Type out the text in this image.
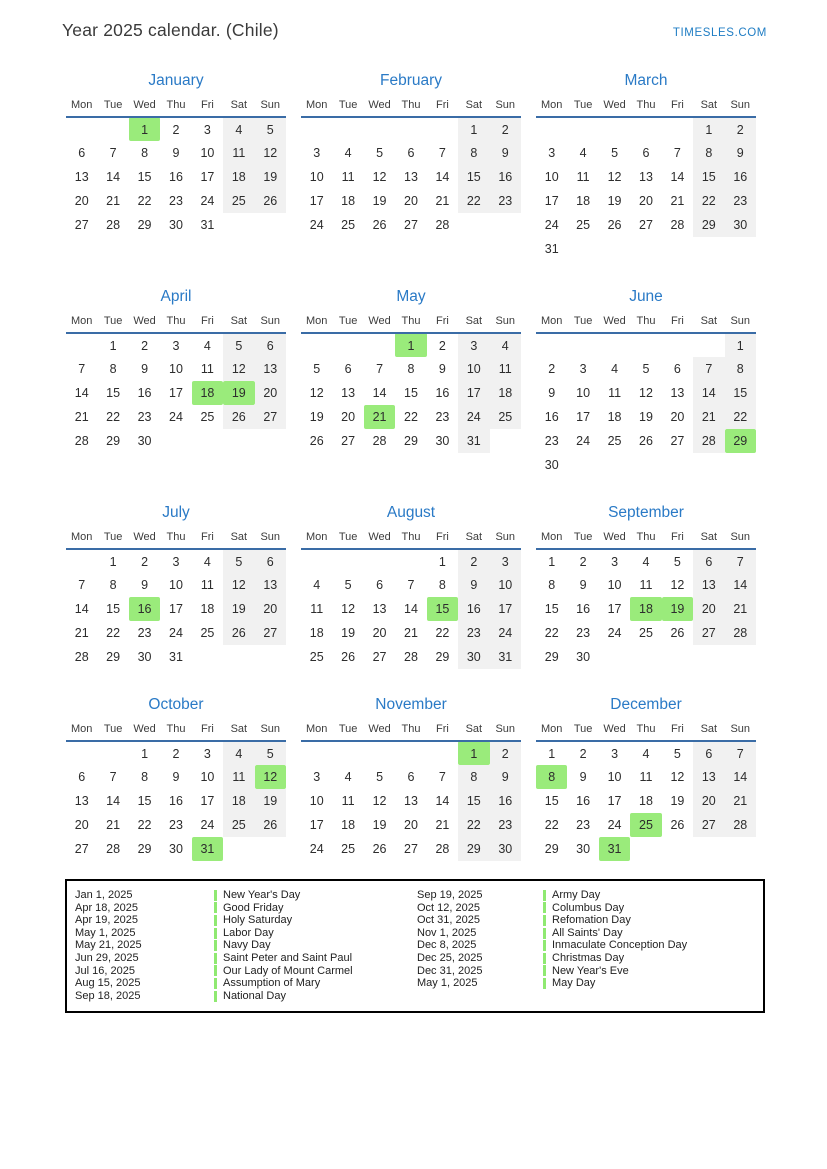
Year 2025 calendar. (Chile)	TIMESLES.COM
January
Mon	Tue	Wed	Thu	Fri	Sat	Sun
		1	2	3	4	5
6	7	8	9	10	11	12
13	14	15	16	17	18	19
20	21	22	23	24	25	26
27	28	29	30	31		
February
Mon	Tue	Wed	Thu	Fri	Sat	Sun
					1	2
3	4	5	6	7	8	9
10	11	12	13	14	15	16
17	18	19	20	21	22	23
24	25	26	27	28		
March
Mon	Tue	Wed	Thu	Fri	Sat	Sun
					1	2
3	4	5	6	7	8	9
10	11	12	13	14	15	16
17	18	19	20	21	22	23
24	25	26	27	28	29	30
31						
April
Mon	Tue	Wed	Thu	Fri	Sat	Sun
	1	2	3	4	5	6
7	8	9	10	11	12	13
14	15	16	17	18	19	20
21	22	23	24	25	26	27
28	29	30				
May
Mon	Tue	Wed	Thu	Fri	Sat	Sun
			1	2	3	4
5	6	7	8	9	10	11
12	13	14	15	16	17	18
19	20	21	22	23	24	25
26	27	28	29	30	31	
June
Mon	Tue	Wed	Thu	Fri	Sat	Sun
						1
2	3	4	5	6	7	8
9	10	11	12	13	14	15
16	17	18	19	20	21	22
23	24	25	26	27	28	29
30						
July
Mon	Tue	Wed	Thu	Fri	Sat	Sun
	1	2	3	4	5	6
7	8	9	10	11	12	13
14	15	16	17	18	19	20
21	22	23	24	25	26	27
28	29	30	31			
August
Mon	Tue	Wed	Thu	Fri	Sat	Sun
				1	2	3
4	5	6	7	8	9	10
11	12	13	14	15	16	17
18	19	20	21	22	23	24
25	26	27	28	29	30	31
September
Mon	Tue	Wed	Thu	Fri	Sat	Sun
1	2	3	4	5	6	7
8	9	10	11	12	13	14
15	16	17	18	19	20	21
22	23	24	25	26	27	28
29	30					
October
Mon	Tue	Wed	Thu	Fri	Sat	Sun
		1	2	3	4	5
6	7	8	9	10	11	12
13	14	15	16	17	18	19
20	21	22	23	24	25	26
27	28	29	30	31		
November
Mon	Tue	Wed	Thu	Fri	Sat	Sun
					1	2
3	4	5	6	7	8	9
10	11	12	13	14	15	16
17	18	19	20	21	22	23
24	25	26	27	28	29	30
December
Mon	Tue	Wed	Thu	Fri	Sat	Sun
1	2	3	4	5	6	7
8	9	10	11	12	13	14
15	16	17	18	19	20	21
22	23	24	25	26	27	28
29	30	31				
Jan 1, 2025	New Year's Day
Apr 18, 2025	Good Friday
Apr 19, 2025	Holy Saturday
May 1, 2025	Labor Day
May 21, 2025	Navy Day
Jun 29, 2025	Saint Peter and Saint Paul
Jul 16, 2025	Our Lady of Mount Carmel
Aug 15, 2025	Assumption of Mary
Sep 18, 2025	National Day
Sep 19, 2025	Army Day
Oct 12, 2025	Columbus Day
Oct 31, 2025	Refomation Day
Nov 1, 2025	All Saints' Day
Dec 8, 2025	Inmaculate Conception Day
Dec 25, 2025	Christmas Day
Dec 31, 2025	New Year's Eve
May 1, 2025	May Day
